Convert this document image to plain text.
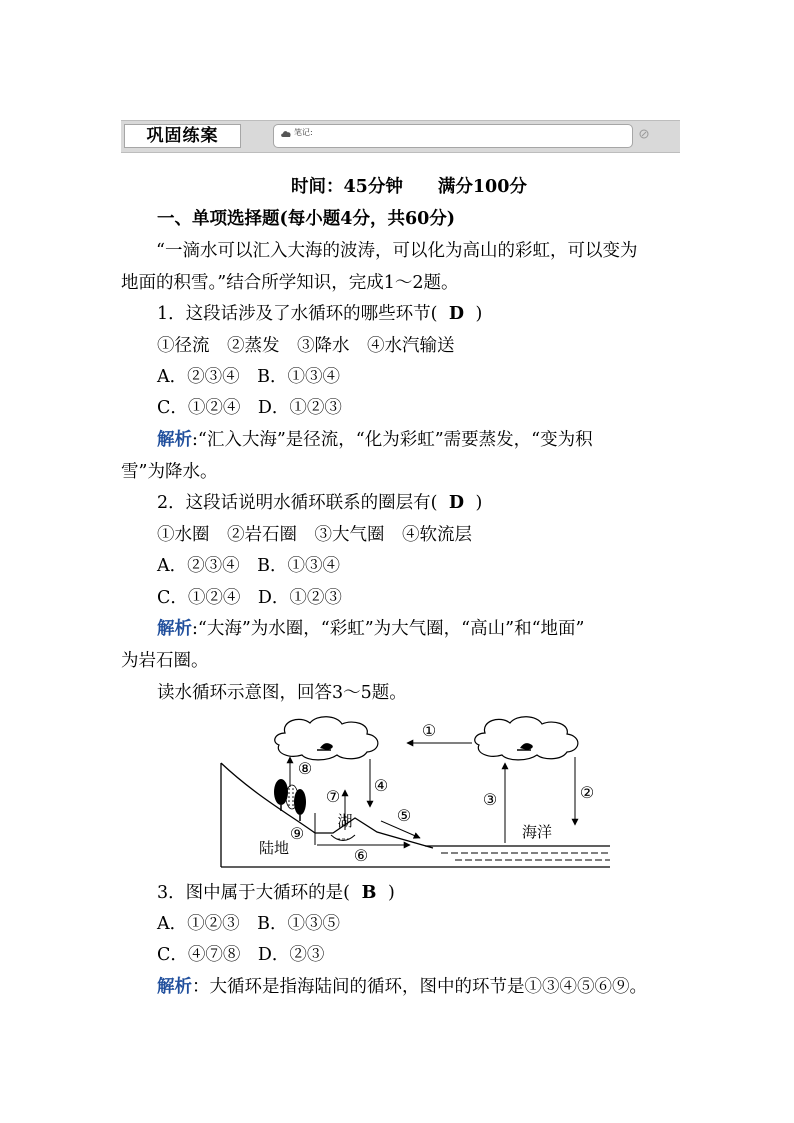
巩固练案	笔记:
时间：45分钟　　满分100分
一、单项选择题(每小题4分，共60分)
“一滴水可以汇入大海的波涛，可以化为高山的彩虹，可以变为
地面的积雪。”结合所学知识，完成1～2题。
1．这段话涉及了水循环的哪些环节( D )
①径流　②蒸发　③降水　④水汽输送
A．②③④　B．①③④
C．①②④　D．①②③
解析:“汇入大海”是径流，“化为彩虹”需要蒸发，“变为积
雪”为降水。
2．这段话说明水循环联系的圈层有( D )
①水圈　②岩石圈　③大气圈　④软流层
A．②③④　B．①③④
C．①②④　D．①②③
解析:“大海”为水圈，“彩虹”为大气圈，“高山”和“地面”
为岩石圈。
读水循环示意图，回答3～5题。
①
②
③
④
⑤
⑥
⑦
⑧
⑨
湖
陆地
海洋
3．图中属于大循环的是( B )
A．①②③　B．①③⑤
C．④⑦⑧　D．②③
解析：大循环是指海陆间的循环，图中的环节是①③④⑤⑥⑨。
